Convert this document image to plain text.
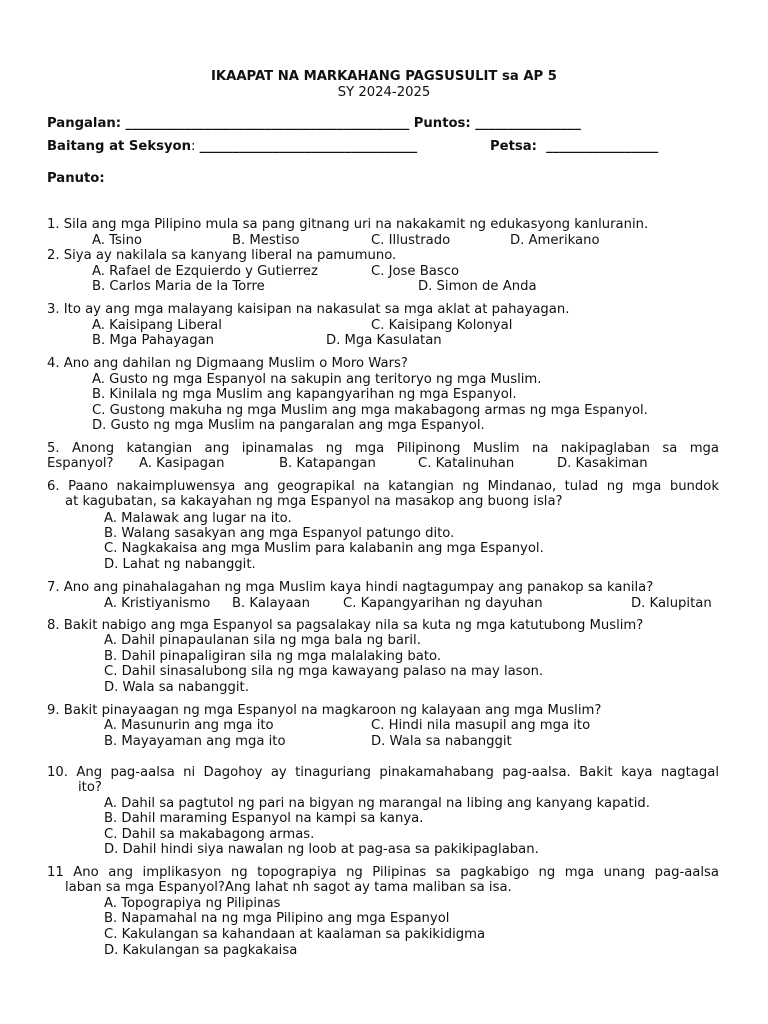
IKAAPAT NA MARKAHANG PAGSUSULIT sa AP 5
SY 2024-2025
Pangalan: ___________________________________________ Puntos: ________________
Baitang at Seksyon: _________________________________	Petsa: _________________
Panuto:
1. Sila ang mga Pilipino mula sa pang gitnang uri na nakakamit ng edukasyong kanluranin.
A. Tsino	B. Mestiso	C. Illustrado	D. Amerikano
2. Siya ay nakilala sa kanyang liberal na pamumuno.
A. Rafael de Ezquierdo y Gutierrez	C. Jose Basco
B. Carlos Maria de la Torre	D. Simon de Anda
3. Ito ay ang mga malayang kaisipan na nakasulat sa mga aklat at pahayagan.
A. Kaisipang Liberal	C. Kaisipang Kolonyal
B. Mga Pahayagan	D. Mga Kasulatan
4. Ano ang dahilan ng Digmaang Muslim o Moro Wars?
A. Gusto ng mga Espanyol na sakupin ang teritoryo ng mga Muslim.
B. Kinilala ng mga Muslim ang kapangyarihan ng mga Espanyol.
C. Gustong makuha ng mga Muslim ang mga makabagong armas ng mga Espanyol.
D. Gusto ng mga Muslim na pangaralan ang mga Espanyol.
5. Anong katangian ang ipinamalas ng mga Pilipinong Muslim na nakipaglaban sa mga
Espanyol? A. Kasipagan	B. Katapangan	C. Katalinuhan	D. Kasakiman
6. Paano nakaimpluwensya ang geograpikal na katangian ng Mindanao, tulad ng mga bundok
at kagubatan, sa kakayahan ng mga Espanyol na masakop ang buong isla?
A. Malawak ang lugar na ito.
B. Walang sasakyan ang mga Espanyol patungo dito.
C. Nagkakaisa ang mga Muslim para kalabanin ang mga Espanyol.
D. Lahat ng nabanggit.
7. Ano ang pinahalagahan ng mga Muslim kaya hindi nagtagumpay ang panakop sa kanila?
A. Kristiyanismo B. Kalayaan	C. Kapangyarihan ng dayuhan	D. Kalupitan
8. Bakit nabigo ang mga Espanyol sa pagsalakay nila sa kuta ng mga katutubong Muslim?
A. Dahil pinapaulanan sila ng mga bala ng baril.
B. Dahil pinapaligiran sila ng mga malalaking bato.
C. Dahil sinasalubong sila ng mga kawayang palaso na may lason.
D. Wala sa nabanggit.
9. Bakit pinayaagan ng mga Espanyol na magkaroon ng kalayaan ang mga Muslim?
A. Masunurin ang mga ito	C. Hindi nila masupil ang mga ito
B. Mayayaman ang mga ito	D. Wala sa nabanggit
10. Ang pag-aalsa ni Dagohoy ay tinaguriang pinakamahabang pag-aalsa. Bakit kaya nagtagal
ito?
A. Dahil sa pagtutol ng pari na bigyan ng marangal na libing ang kanyang kapatid.
B. Dahil maraming Espanyol na kampi sa kanya.
C. Dahil sa makabagong armas.
D. Dahil hindi siya nawalan ng loob at pag-asa sa pakikipaglaban.
11 Ano ang implikasyon ng topograpiya ng Pilipinas sa pagkabigo ng mga unang pag-aalsa
laban sa mga Espanyol?Ang lahat nh sagot ay tama maliban sa isa.
A. Topograpiya ng Pilipinas
B. Napamahal na ng mga Pilipino ang mga Espanyol
C. Kakulangan sa kahandaan at kaalaman sa pakikidigma
D. Kakulangan sa pagkakaisa
